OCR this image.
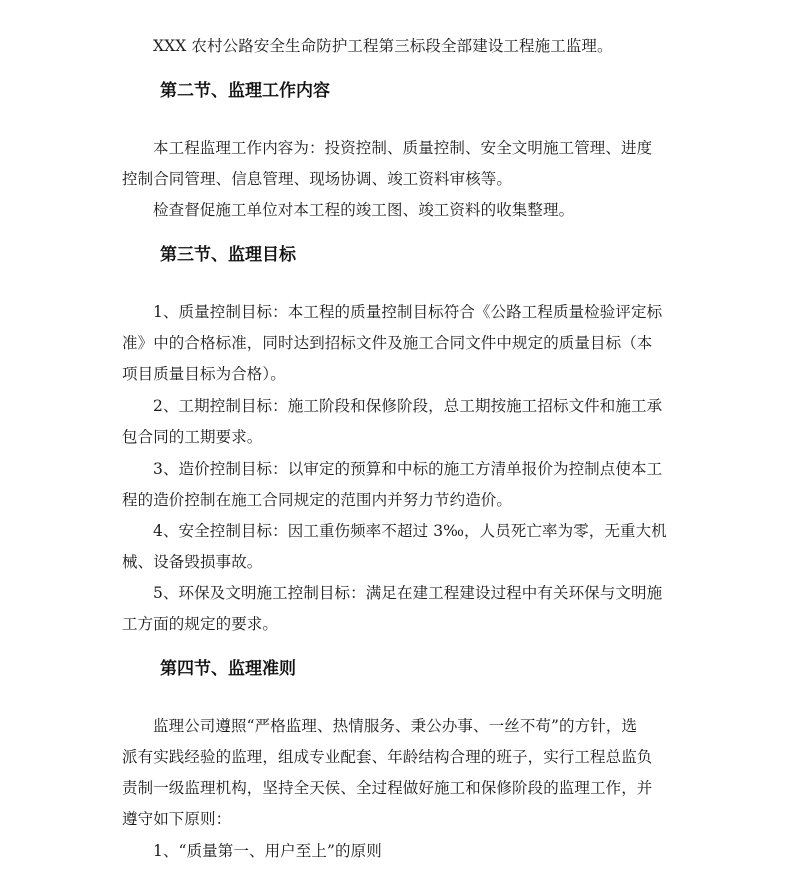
XXX 农村公路安全生命防护工程第三标段全部建设工程施工监理。
第二节、监理工作内容
本工程监理工作内容为：投资控制、质量控制、安全文明施工管理、进度
控制合同管理、信息管理、现场协调、竣工资料审核等。
检查督促施工单位对本工程的竣工图、竣工资料的收集整理。
第三节、监理目标
1、质量控制目标：本工程的质量控制目标符合《公路工程质量检验评定标
准》中的合格标准，同时达到招标文件及施工合同文件中规定的质量目标（本
项目质量目标为合格）。
2、工期控制目标：施工阶段和保修阶段，总工期按施工招标文件和施工承
包合同的工期要求。
3、造价控制目标：以审定的预算和中标的施工方清单报价为控制点使本工
程的造价控制在施工合同规定的范围内并努力节约造价。
4、安全控制目标：因工重伤频率不超过 3‰，人员死亡率为零，无重大机
械、设备毁损事故。
5、环保及文明施工控制目标：满足在建工程建设过程中有关环保与文明施
工方面的规定的要求。
第四节、监理准则
监理公司遵照“严格监理、热情服务、秉公办事、一丝不苟”的方针，选
派有实践经验的监理，组成专业配套、年龄结构合理的班子，实行工程总监负
责制一级监理机构，坚持全天侯、全过程做好施工和保修阶段的监理工作，并
遵守如下原则：
1、“质量第一、用户至上”的原则
